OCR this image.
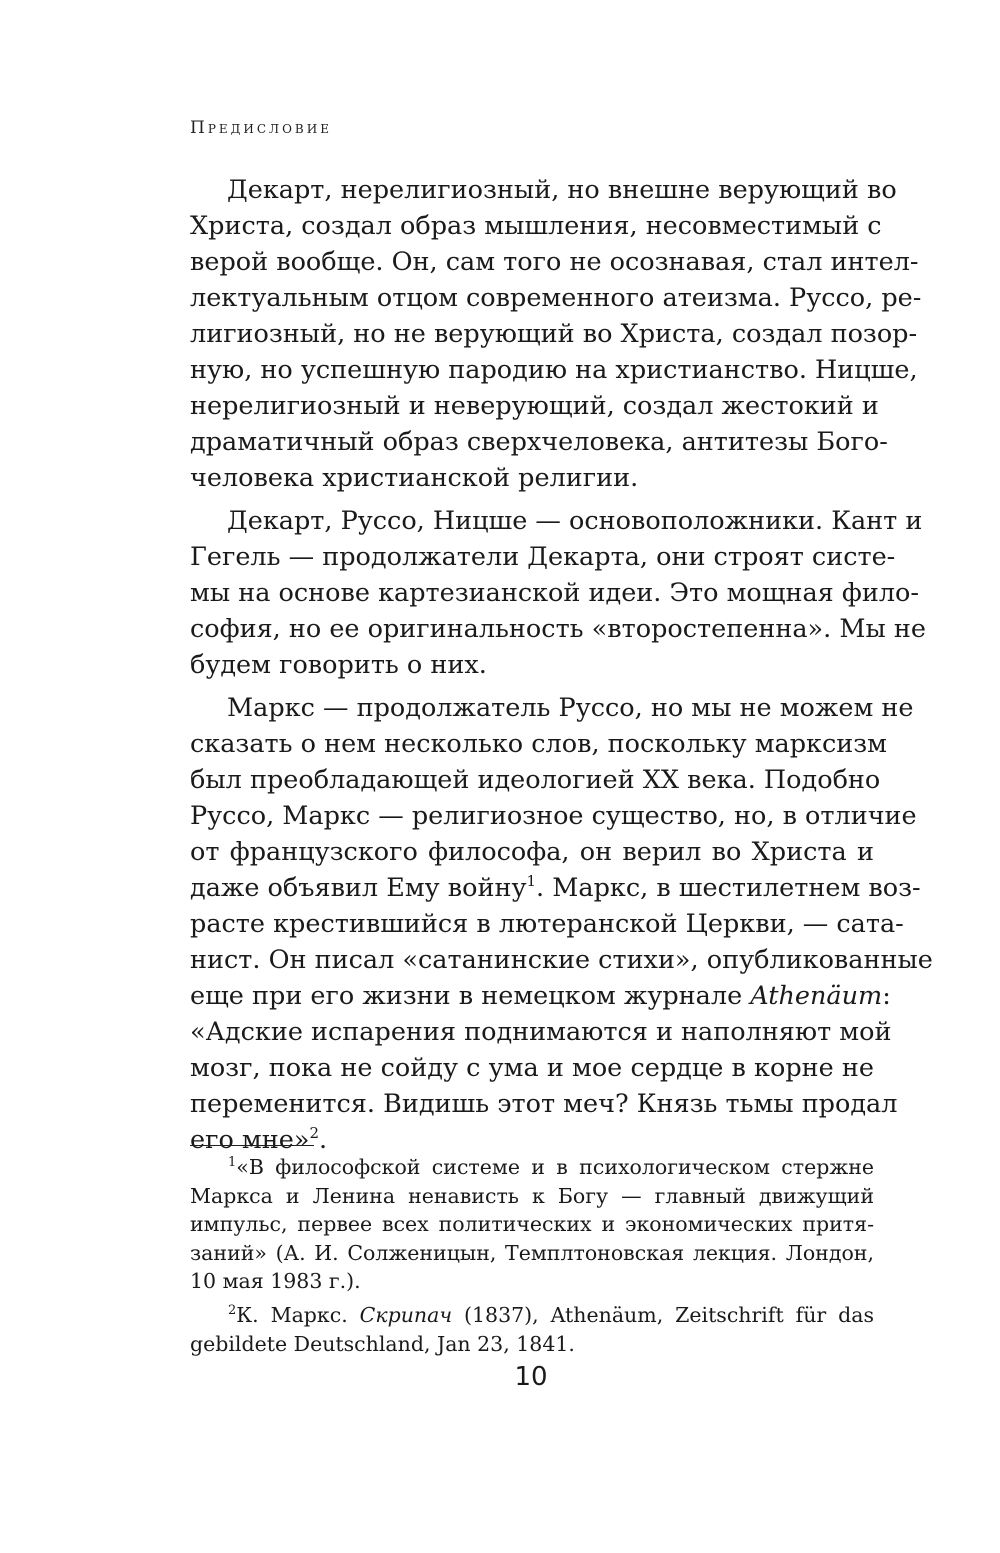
Предисловие

Декарт, нерелигиозный, но внешне верующий во
Христа, создал образ мышления, несовместимый с
верой вообще. Он, сам того не осознавая, стал интел-
лектуальным отцом современного атеизма. Руссо, ре-
лигиозный, но не верующий во Христа, создал позор-
ную, но успешную пародию на христианство. Ницше,
нерелигиозный и неверующий, создал жестокий и
драматичный образ сверхчеловека, антитезы Бого-
человека христианской религии.

Декарт, Руссо, Ницше — основоположники. Кант и
Гегель — продолжатели Декарта, они строят систе-
мы на основе картезианской идеи. Это мощная фило-
софия, но ее оригинальность «второстепенна». Мы не
будем говорить о них.

Маркс — продолжатель Руссо, но мы не можем не
сказать о нем несколько слов, поскольку марксизм
был преобладающей идеологией XX века. Подобно
Руссо, Маркс — религиозное существо, но, в отличие
от французского философа, он верил во Христа и
даже объявил Ему войну$^1$. Маркс, в шестилетнем воз-
расте крестившийся в лютеранской Церкви, — сата-
нист. Он писал «сатанинские стихи», опубликованные
еще при его жизни в немецком журнале Athenäum:
«Адские испарения поднимаются и наполняют мой
мозг, пока не сойду с ума и мое сердце в корне не
переменится. Видишь этот меч? Князь тьмы продал
его мне»$^2$.

$^1$«В философской системе и в психологическом стержне
Маркса и Ленина ненависть к Богу — главный движущий
импульс, первее всех политических и экономических притя-
заний» (А. И. Солженицын, Темплтоновская лекция. Лондон,
10 мая 1983 г.).
$^2$К. Маркс. Скрипач (1837), Athenäum, Zeitschrift für das
gebildete Deutschland, Jan 23, 1841.
10
